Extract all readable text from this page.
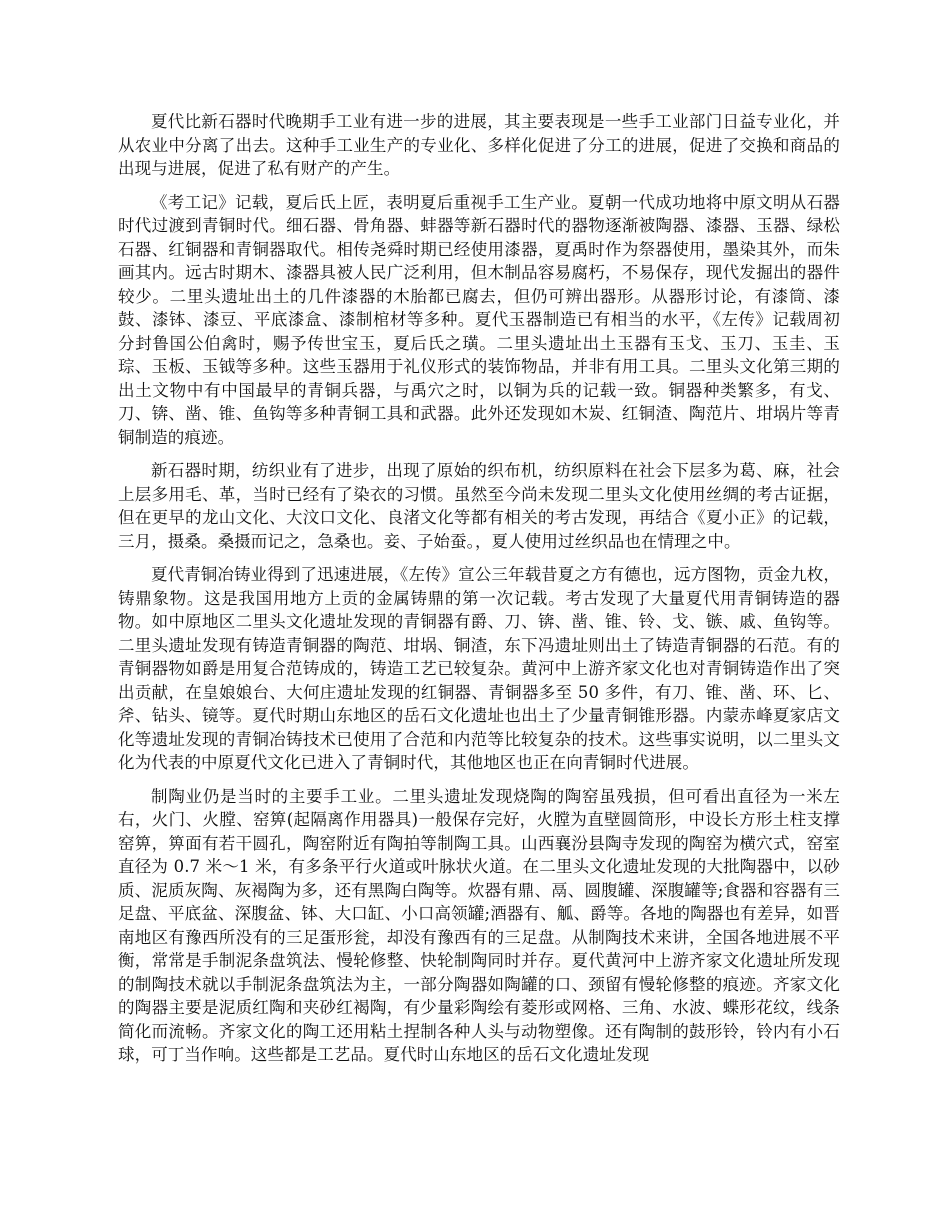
夏代比新石器时代晚期手工业有进一步的进展，其主要表现是一些手工业部门日益专业化，并从农业中分离了出去。这种手工业生产的专业化、多样化促进了分工的进展，促进了交换和商品的出现与进展，促进了私有财产的产生。

《考工记》记载，夏后氏上匠，表明夏后重视手工生产业。夏朝一代成功地将中原文明从石器时代过渡到青铜时代。细石器、骨角器、蚌器等新石器时代的器物逐渐被陶器、漆器、玉器、绿松石器、红铜器和青铜器取代。相传尧舜时期已经使用漆器，夏禹时作为祭器使用，墨染其外，而朱画其内。远古时期木、漆器具被人民广泛利用，但木制品容易腐朽，不易保存，现代发掘出的器件较少。二里头遗址出土的几件漆器的木胎都已腐去，但仍可辨出器形。从器形讨论，有漆筒、漆鼓、漆钵、漆豆、平底漆盒、漆制棺材等多种。夏代玉器制造已有相当的水平，《左传》记载周初分封鲁国公伯禽时，赐予传世宝玉，夏后氏之璜。二里头遗址出土玉器有玉戈、玉刀、玉圭、玉琮、玉板、玉钺等多种。这些玉器用于礼仪形式的装饰物品，并非有用工具。二里头文化第三期的出土文物中有中国最早的青铜兵器，与禹穴之时，以铜为兵的记载一致。铜器种类繁多，有戈、刀、锛、凿、锥、鱼钩等多种青铜工具和武器。此外还发现如木炭、红铜渣、陶范片、坩埚片等青铜制造的痕迹。

新石器时期，纺织业有了进步，出现了原始的织布机，纺织原料在社会下层多为葛、麻，社会上层多用毛、革，当时已经有了染衣的习惯。虽然至今尚未发现二里头文化使用丝绸的考古证据，但在更早的龙山文化、大汶口文化、良渚文化等都有相关的考古发现，再结合《夏小正》的记载，三月，摄桑。桑摄而记之，急桑也。妾、子始蚕。，夏人使用过丝织品也在情理之中。

夏代青铜冶铸业得到了迅速进展，《左传》宣公三年载昔夏之方有德也，远方图物，贡金九枚，铸鼎象物。这是我国用地方上贡的金属铸鼎的第一次记载。考古发现了大量夏代用青铜铸造的器物。如中原地区二里头文化遗址发现的青铜器有爵、刀、锛、凿、锥、铃、戈、镞、戚、鱼钩等。二里头遗址发现有铸造青铜器的陶范、坩埚、铜渣，东下冯遗址则出土了铸造青铜器的石范。有的青铜器物如爵是用复合范铸成的，铸造工艺已较复杂。黄河中上游齐家文化也对青铜铸造作出了突出贡献，在皇娘娘台、大何庄遗址发现的红铜器、青铜器多至 50 多件，有刀、锥、凿、环、匕、斧、钻头、镜等。夏代时期山东地区的岳石文化遗址也出土了少量青铜锥形器。内蒙赤峰夏家店文化等遗址发现的青铜冶铸技术已使用了合范和内范等比较复杂的技术。这些事实说明，以二里头文化为代表的中原夏代文化已进入了青铜时代，其他地区也正在向青铜时代进展。

制陶业仍是当时的主要手工业。二里头遗址发现烧陶的陶窑虽残损，但可看出直径为一米左右，火门、火膛、窑箅(起隔离作用器具)一般保存完好，火膛为直壁圆筒形，中设长方形土柱支撑窑箅，箅面有若干圆孔，陶窑附近有陶拍等制陶工具。山西襄汾县陶寺发现的陶窑为横穴式，窑室直径为 0.7 米～1 米，有多条平行火道或叶脉状火道。在二里头文化遗址发现的大批陶器中，以砂质、泥质灰陶、灰褐陶为多，还有黑陶白陶等。炊器有鼎、鬲、圆腹罐、深腹罐等;食器和容器有三足盘、平底盆、深腹盆、钵、大口缸、小口高领罐;酒器有、觚、爵等。各地的陶器也有差异，如晋南地区有豫西所没有的三足蛋形瓮，却没有豫西有的三足盘。从制陶技术来讲，全国各地进展不平衡，常常是手制泥条盘筑法、慢轮修整、快轮制陶同时并存。夏代黄河中上游齐家文化遗址所发现的制陶技术就以手制泥条盘筑法为主，一部分陶器如陶罐的口、颈留有慢轮修整的痕迹。齐家文化的陶器主要是泥质红陶和夹砂红褐陶，有少量彩陶绘有菱形或网格、三角、水波、蝶形花纹，线条简化而流畅。齐家文化的陶工还用粘土捏制各种人头与动物塑像。还有陶制的鼓形铃，铃内有小石球，可丁当作响。这些都是工艺品。夏代时山东地区的岳石文化遗址发现
